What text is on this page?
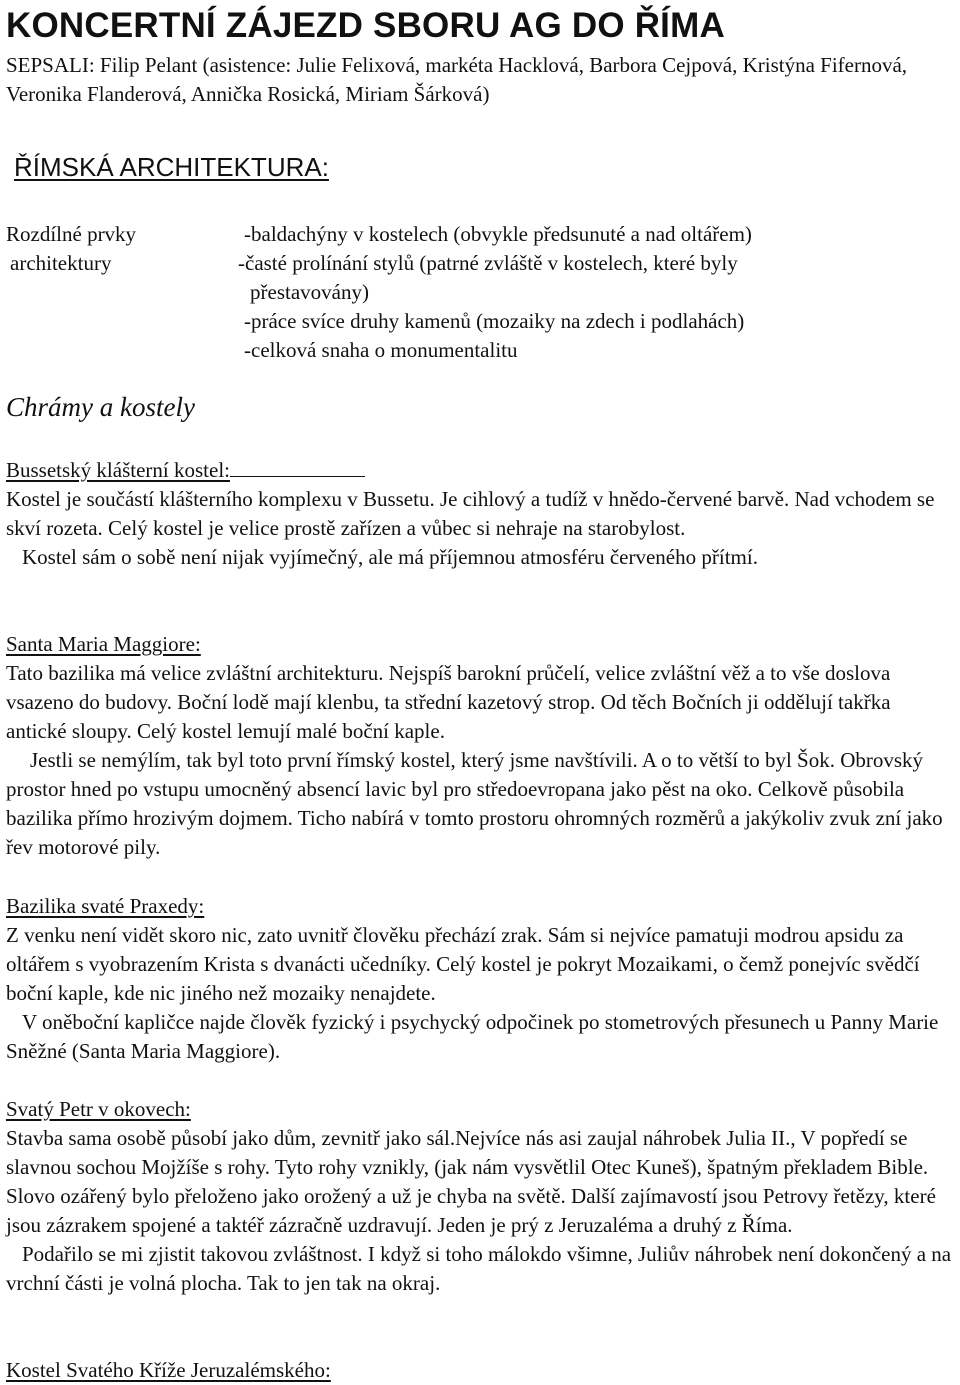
KONCERTNÍ ZÁJEZD SBORU AG DO ŘÍMA
SEPSALI: Filip Pelant (asistence: Julie Felixová, markéta Hacklová, Barbora Cejpová, Kristýna Fifernová, Veronika Flanderová, Annička Rosická, Miriam Šárková)
ŘÍMSKÁ ARCHITEKTURA:
Rozdílné prvky
architektury
-baldachýny v kostelech (obvykle předsunuté a nad oltářem)
-časté prolínání stylů (patrné zvláště v kostelech, které byly
přestavovány)
-práce svíce druhy kamenů (mozaiky na zdech i podlahách)
-celková snaha o monumentalitu
Chrámy a kostely
Bussetský klášterní kostel:

Kostel je součástí klášterního komplexu v Bussetu. Je cihlový a tudíž v hnědo-červené barvě. Nad vchodem se skví rozeta. Celý kostel je velice prostě zařízen a vůbec si nehraje na starobylost.

Kostel sám o sobě není nijak vyjímečný, ale má příjemnou atmosféru červeného přítmí.

Santa Maria Maggiore:

Tato bazilika má velice zvláštní architekturu. Nejspíš barokní průčelí, velice zvláštní věž a to vše doslova vsazeno do budovy. Boční lodě mají klenbu, ta střední kazetový strop. Od těch Bočních ji oddělují takřka antické sloupy. Celý kostel lemují malé boční kaple.

Jestli se nemýlím, tak byl toto první římský kostel, který jsme navštívili. A o to větší to byl Šok. Obrovský prostor hned po vstupu umocněný absencí lavic byl pro středoevropana jako pěst na oko. Celkově působila bazilika přímo hrozivým dojmem. Ticho nabírá v tomto prostoru ohromných rozměrů a jakýkoliv zvuk zní jako řev motorové pily.

Bazilika svaté Praxedy:

Z venku není vidět skoro nic, zato uvnitř člověku přechází zrak. Sám si nejvíce pamatuji modrou apsidu za oltářem s vyobrazením Krista s dvanácti učedníky. Celý kostel je pokryt Mozaikami, o čemž ponejvíc svědčí boční kaple, kde nic jiného než mozaiky nenajdete.

V oněboční kapličce najde člověk fyzický i psychycký odpočinek po stometrových přesunech u Panny Marie Sněžné (Santa Maria Maggiore).

Svatý Petr v okovech:

Stavba sama osobě působí jako dům, zevnitř jako sál.Nejvíce nás asi zaujal náhrobek Julia II., V popředí se slavnou sochou Mojžíše s rohy. Tyto rohy vznikly, (jak nám vysvětlil Otec Kuneš), špatným překladem Bible. Slovo ozářený bylo přeloženo jako orožený a už je chyba na světě. Další zajímavostí jsou Petrovy řetězy, které jsou zázrakem spojené a taktéř zázračně uzdravují. Jeden je prý z Jeruzaléma a druhý z Říma.

Podařilo se mi zjistit takovou zvláštnost. I když si toho málokdo všimne, Juliův náhrobek není dokončený a na vrchní části je volná plocha. Tak to jen tak na okraj.

Kostel Svatého Kříže Jeruzalémského:
